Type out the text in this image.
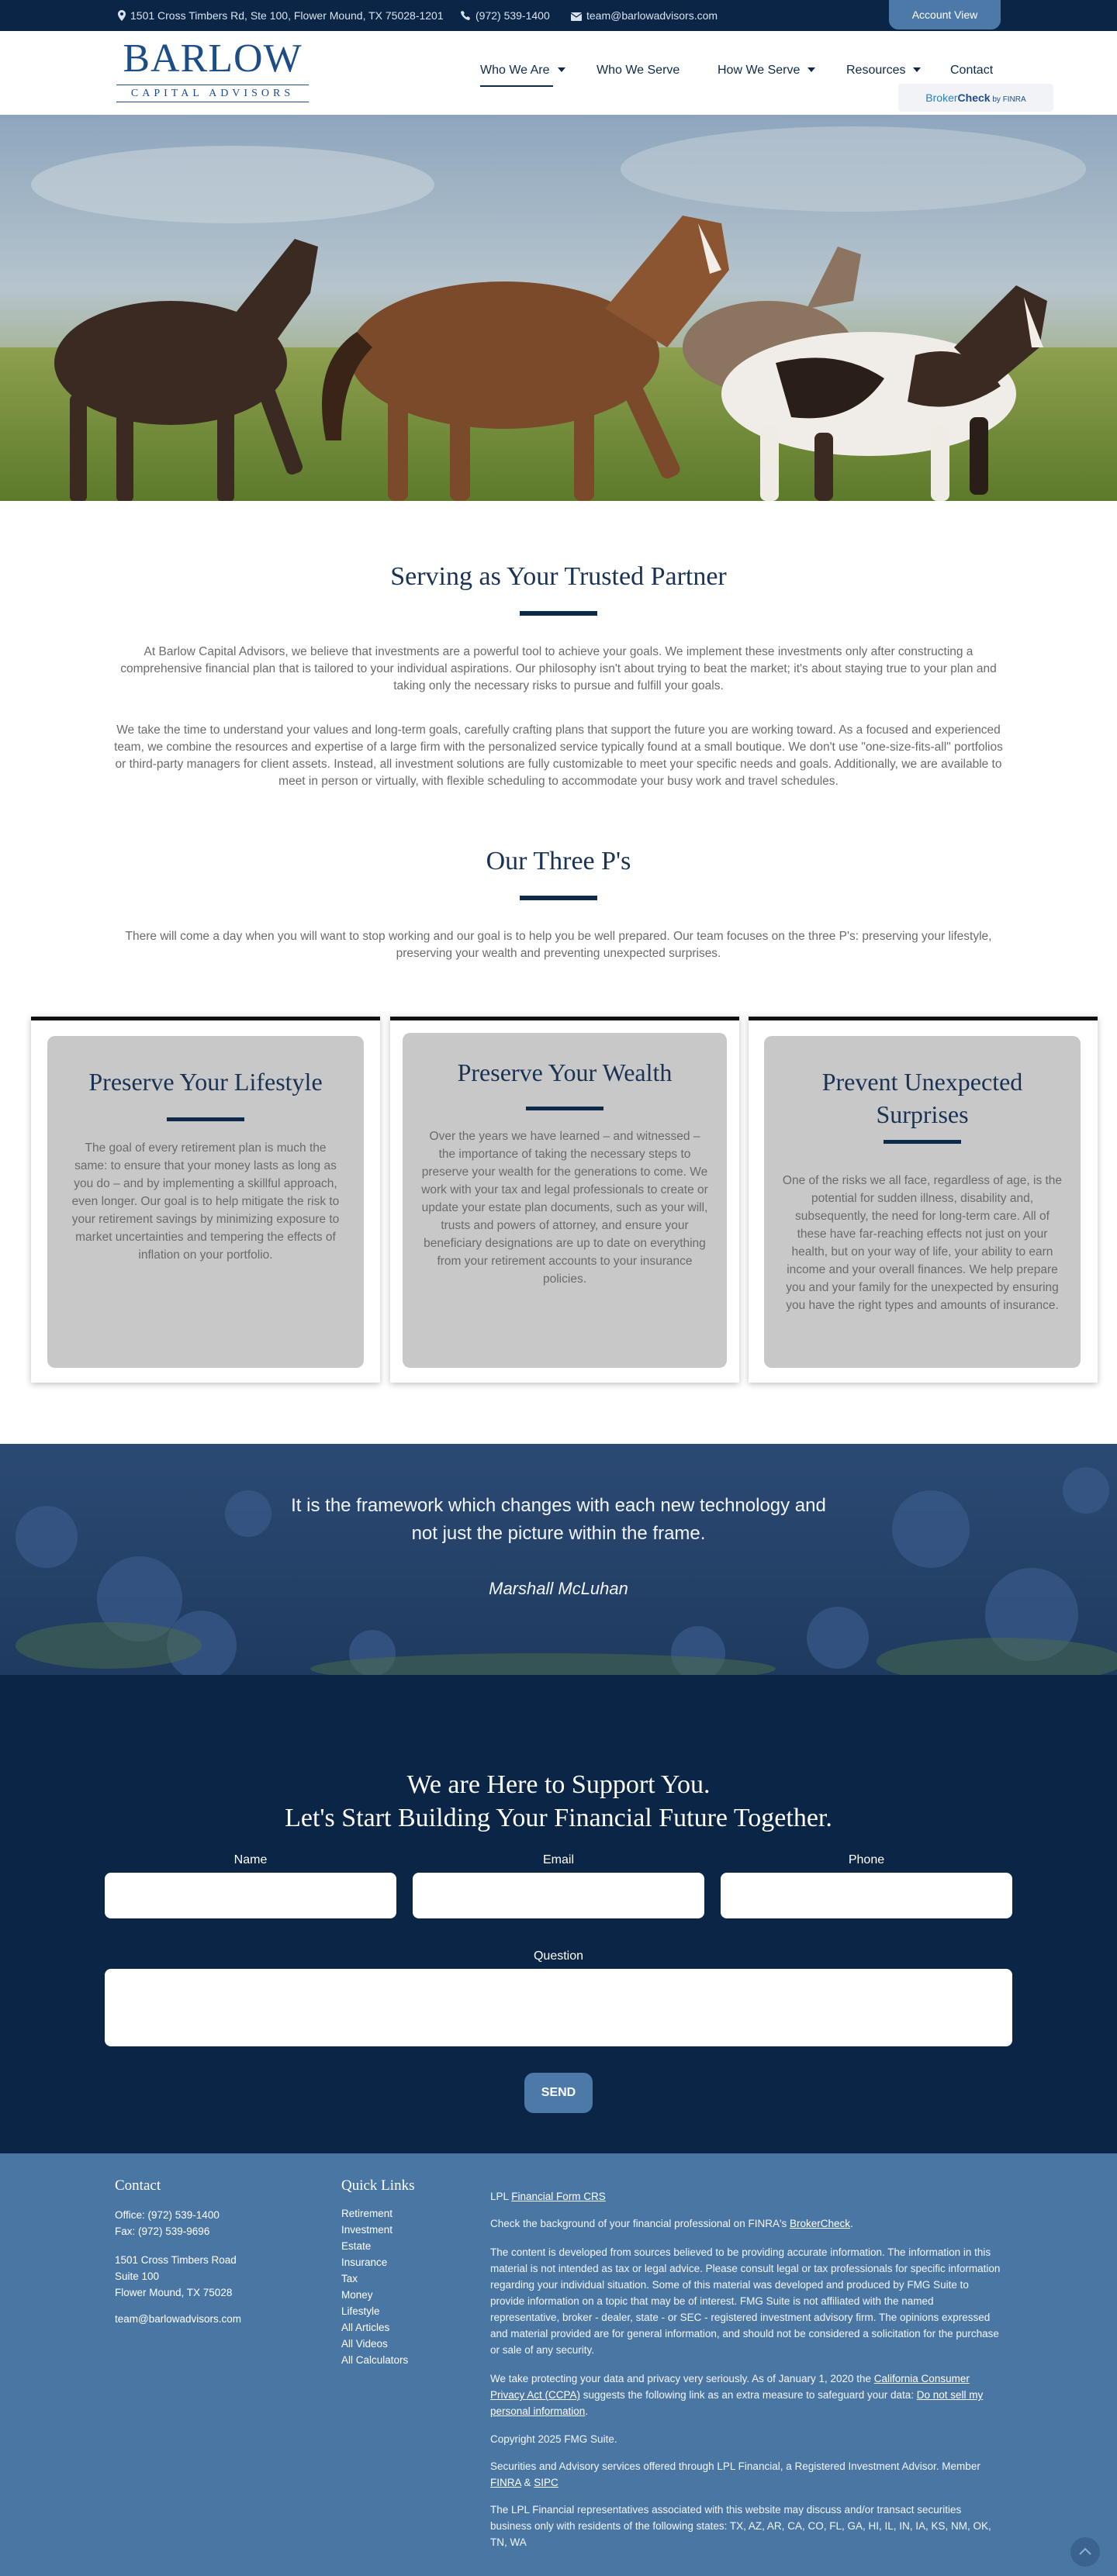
1501 Cross Timbers Rd, Ste 100, Flower Mound, TX 75028-1201	(972) 539-1400	team@barlowadvisors.com	Account View
BARLOW
CAPITAL ADVISORS
Who We Are	Who We Serve	How We Serve	Resources	Contact
BrokerCheck by FINRA
Serving as Your Trusted Partner

At Barlow Capital Advisors, we believe that investments are a powerful tool to achieve your goals. We implement these investments only after constructing a comprehensive financial plan that is tailored to your individual aspirations. Our philosophy isn't about trying to beat the market; it's about staying true to your plan and taking only the necessary risks to pursue and fulfill your goals.

We take the time to understand your values and long-term goals, carefully crafting plans that support the future you are working toward. As a focused and experienced team, we combine the resources and expertise of a large firm with the personalized service typically found at a small boutique. We don't use "one-size-fits-all" portfolios or third-party managers for client assets. Instead, all investment solutions are fully customizable to meet your specific needs and goals. Additionally, we are available to meet in person or virtually, with flexible scheduling to accommodate your busy work and travel schedules.

Our Three P's

There will come a day when you will want to stop working and our goal is to help you be well prepared. Our team focuses on the three P's: preserving your lifestyle, preserving your wealth and preventing unexpected surprises.

Preserve Your Lifestyle
The goal of every retirement plan is much the same: to ensure that your money lasts as long as you do – and by implementing a skillful approach, even longer. Our goal is to help mitigate the risk to your retirement savings by minimizing exposure to market uncertainties and tempering the effects of inflation on your portfolio.
Preserve Your Wealth
Over the years we have learned – and witnessed – the importance of taking the necessary steps to preserve your wealth for the generations to come. We work with your tax and legal professionals to create or update your estate plan documents, such as your will, trusts and powers of attorney, and ensure your beneficiary designations are up to date on everything from your retirement accounts to your insurance policies.
Prevent Unexpected Surprises
One of the risks we all face, regardless of age, is the potential for sudden illness, disability and, subsequently, the need for long-term care. All of these have far-reaching effects not just on your health, but on your way of life, your ability to earn income and your overall finances. We help prepare you and your family for the unexpected by ensuring you have the right types and amounts of insurance.
It is the framework which changes with each new technology and not just the picture within the frame.
Marshall McLuhan
We are Here to Support You.
Let's Start Building Your Financial Future Together.
Name	Email	Phone
Question
SEND
Contact
Office: (972) 539-1400
Fax: (972) 539-9696
1501 Cross Timbers Road
Suite 100
Flower Mound, TX 75028
team@barlowadvisors.com
Quick Links
Retirement
Investment
Estate
Insurance
Tax
Money
Lifestyle
All Articles
All Videos
All Calculators
LPL Financial Form CRS
Check the background of your financial professional on FINRA's BrokerCheck.
The content is developed from sources believed to be providing accurate information. The information in this material is not intended as tax or legal advice. Please consult legal or tax professionals for specific information regarding your individual situation. Some of this material was developed and produced by FMG Suite to provide information on a topic that may be of interest. FMG Suite is not affiliated with the named representative, broker - dealer, state - or SEC - registered investment advisory firm. The opinions expressed and material provided are for general information, and should not be considered a solicitation for the purchase or sale of any security.
We take protecting your data and privacy very seriously. As of January 1, 2020 the California Consumer Privacy Act (CCPA) suggests the following link as an extra measure to safeguard your data: Do not sell my personal information.
Copyright 2025 FMG Suite.
Securities and Advisory services offered through LPL Financial, a Registered Investment Advisor. Member FINRA & SIPC
The LPL Financial representatives associated with this website may discuss and/or transact securities business only with residents of the following states: TX, AZ, AR, CA, CO, FL, GA, HI, IL, IN, IA, KS, NM, OK, TN, WA
